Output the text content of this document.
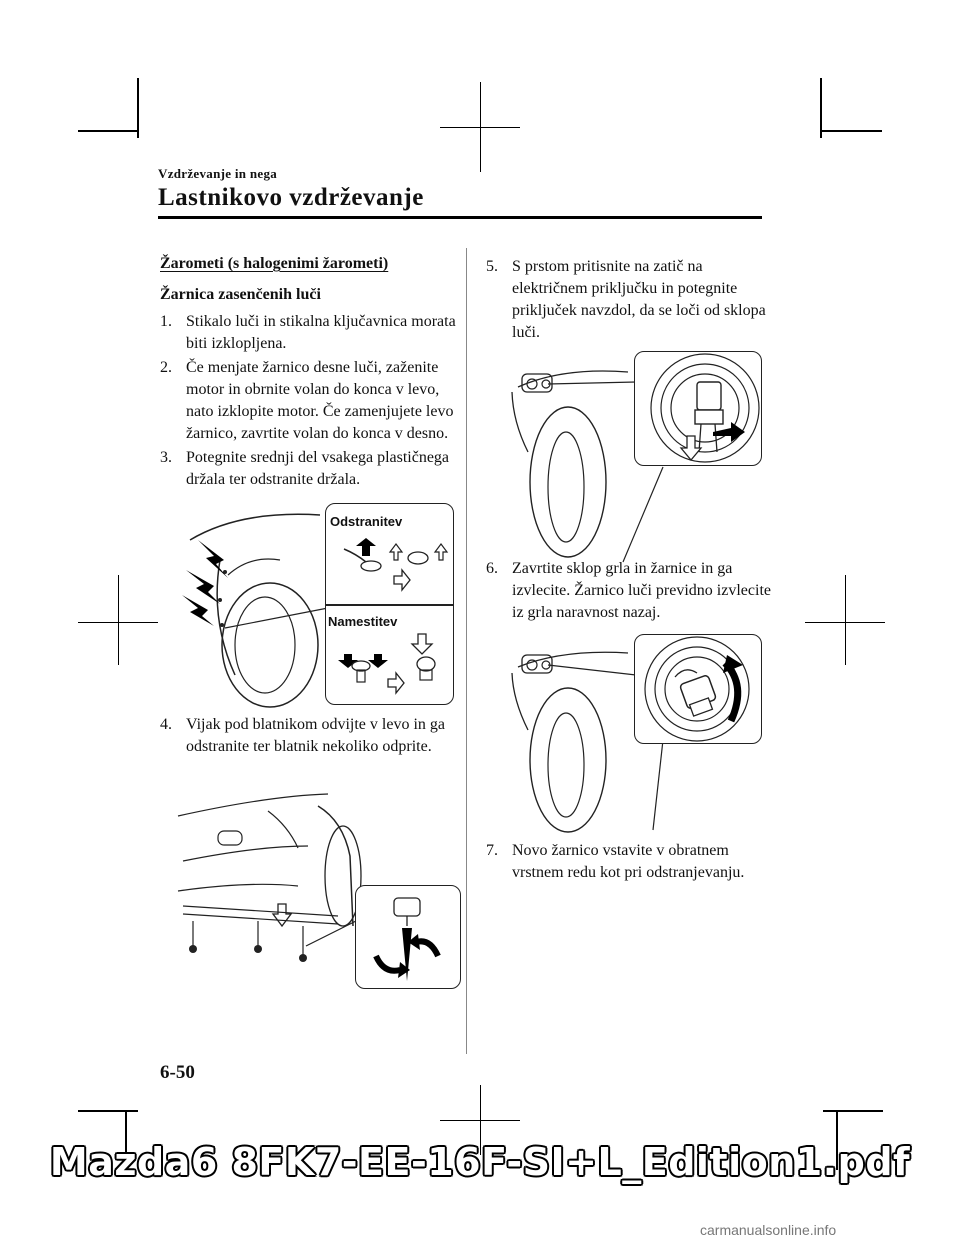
Vzdrževanje in nega
Lastnikovo vzdrževanje
Žarometi (s halogenimi žarometi)
Žarnica zasenčenih luči
1. Stikalo luči in stikalna ključavnica morata biti izklopljena.
2. Če menjate žarnico desne luči, zaženite motor in obrnite volan do konca v levo, nato izklopite motor. Če zamenjujete levo žarnico, zavrtite volan do konca v desno.
3. Potegnite srednji del vsakega plastičnega držala ter odstranite držala.
Odstranitev
Namestitev
4. Vijak pod blatnikom odvijte v levo in ga odstranite ter blatnik nekoliko odprite.
5. S prstom pritisnite na zatič na električnem priključku in potegnite priključek navzdol, da se loči od sklopa luči.
6. Zavrtite sklop grla in žarnice in ga izvlecite. Žarnico luči previdno izvlecite iz grla naravnost nazaj.
7. Novo žarnico vstavite v obratnem vrstnem redu kot pri odstranjevanju.
6-50
Mazda6 8FK7-EE-16F-SI+L_Edition1.pdf
carmanualsonline.info
